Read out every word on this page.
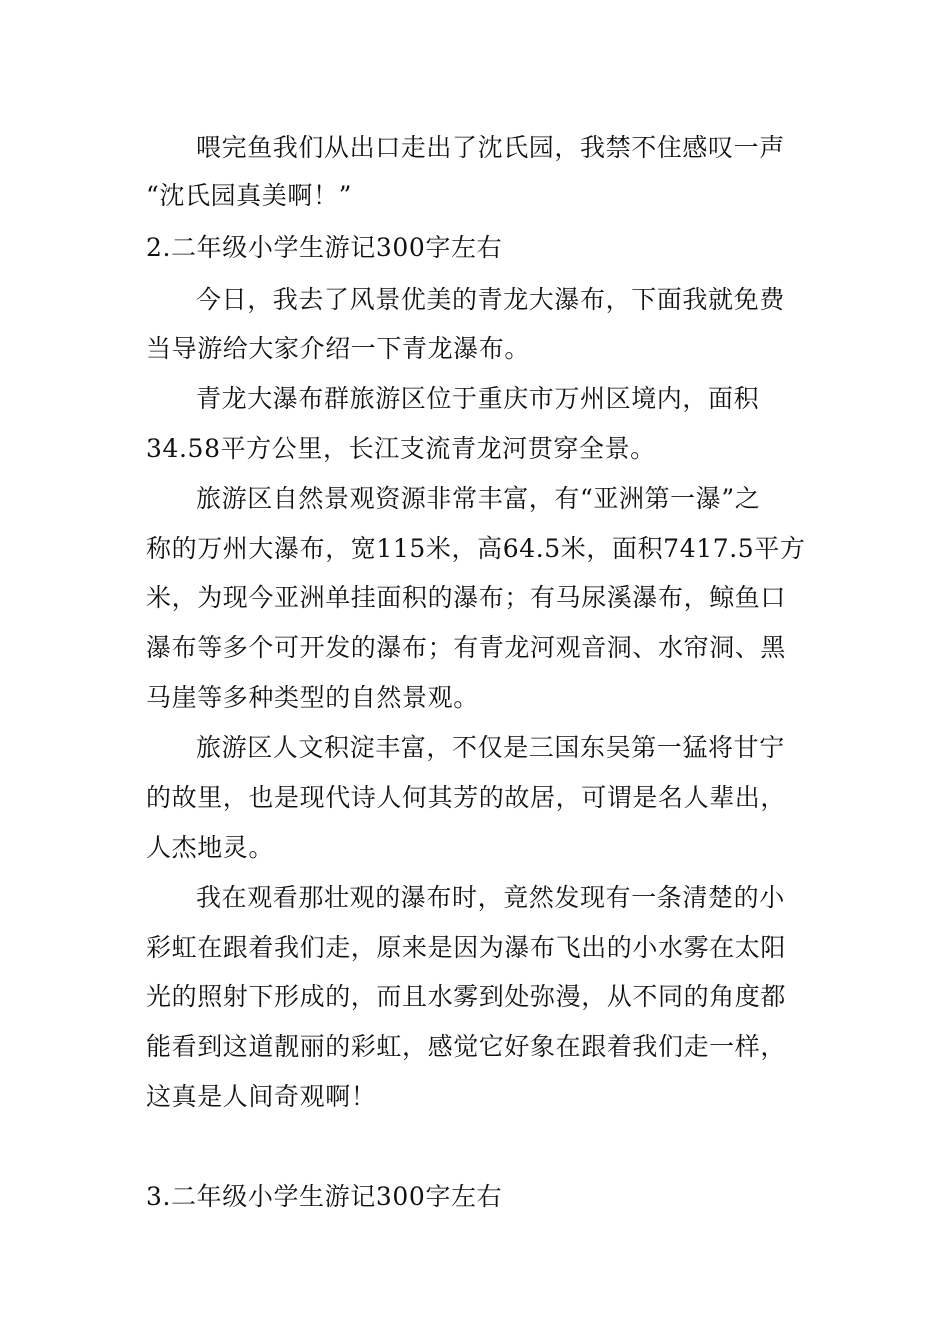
喂完鱼我们从出口走出了沈氏园，我禁不住感叹一声
“沈氏园真美啊！”
2.二年级小学生游记300字左右
今日，我去了风景优美的青龙大瀑布，下面我就免费
当导游给大家介绍一下青龙瀑布。
青龙大瀑布群旅游区位于重庆市万州区境内，面积
34.58平方公里，长江支流青龙河贯穿全景。
旅游区自然景观资源非常丰富，有“亚洲第一瀑”之
称的万州大瀑布，宽115米，高64.5米，面积7417.5平方
米，为现今亚洲单挂面积的瀑布；有马尿溪瀑布，鲸鱼口
瀑布等多个可开发的瀑布；有青龙河观音洞、水帘洞、黑
马崖等多种类型的自然景观。
旅游区人文积淀丰富，不仅是三国东吴第一猛将甘宁
的故里，也是现代诗人何其芳的故居，可谓是名人辈出，
人杰地灵。
我在观看那壮观的瀑布时，竟然发现有一条清楚的小
彩虹在跟着我们走，原来是因为瀑布飞出的小水雾在太阳
光的照射下形成的，而且水雾到处弥漫，从不同的角度都
能看到这道靓丽的彩虹，感觉它好象在跟着我们走一样，
这真是人间奇观啊！
3.二年级小学生游记300字左右
